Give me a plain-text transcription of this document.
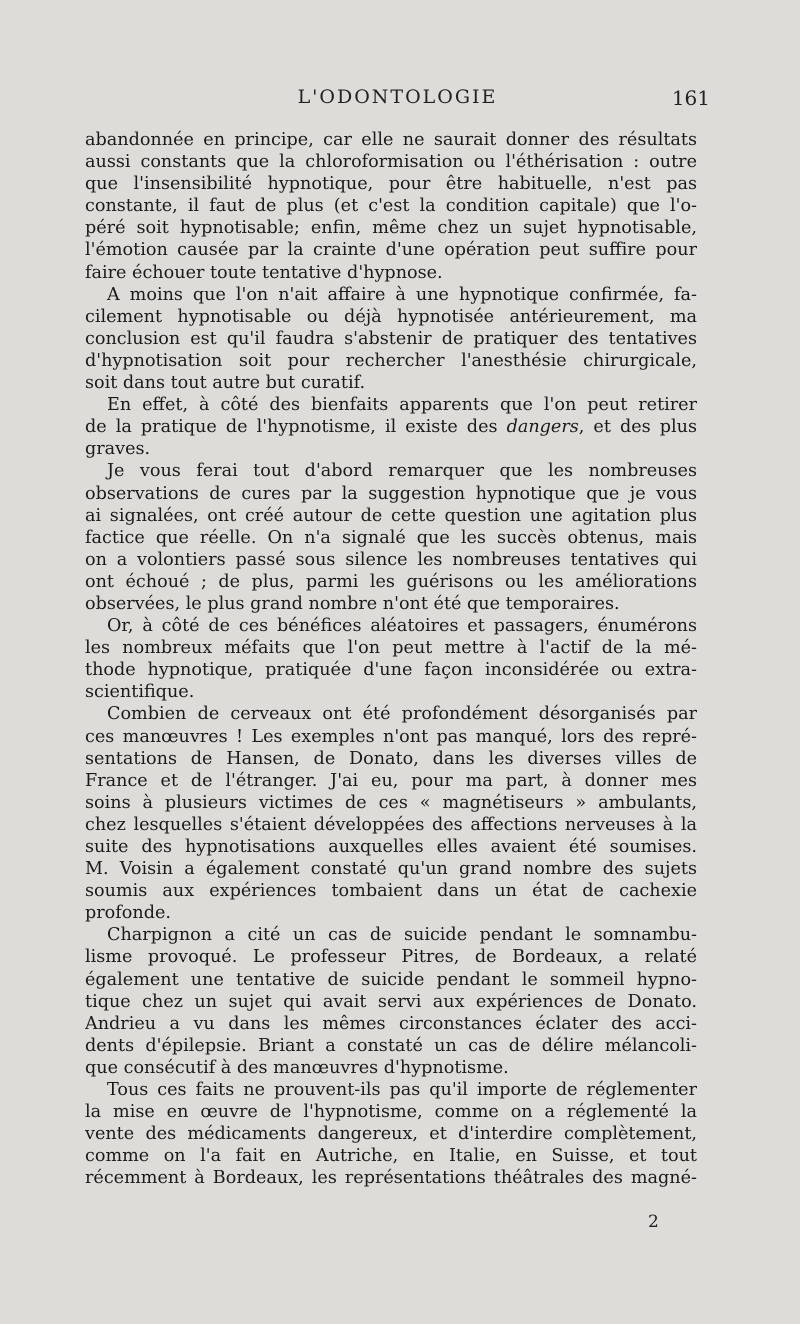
L'ODONTOLOGIE	161
abandonnée en principe, car elle ne saurait donner des résultats
aussi constants que la chloroformisation ou l'éthérisation : outre
que l'insensibilité hypnotique, pour être habituelle, n'est pas
constante, il faut de plus (et c'est la condition capitale) que l'o-
péré soit hypnotisable; enfin, même chez un sujet hypnotisable,
l'émotion causée par la crainte d'une opération peut suffire pour
faire échouer toute tentative d'hypnose.
A moins que l'on n'ait affaire à une hypnotique confirmée, fa-
cilement hypnotisable ou déjà hypnotisée antérieurement, ma
conclusion est qu'il faudra s'abstenir de pratiquer des tentatives
d'hypnotisation soit pour rechercher l'anesthésie chirurgicale,
soit dans tout autre but curatif.
En effet, à côté des bienfaits apparents que l'on peut retirer
de la pratique de l'hypnotisme, il existe des dangers, et des plus
graves.
Je vous ferai tout d'abord remarquer que les nombreuses
observations de cures par la suggestion hypnotique que je vous
ai signalées, ont créé autour de cette question une agitation plus
factice que réelle. On n'a signalé que les succès obtenus, mais
on a volontiers passé sous silence les nombreuses tentatives qui
ont échoué ; de plus, parmi les guérisons ou les améliorations
observées, le plus grand nombre n'ont été que temporaires.
Or, à côté de ces bénéfices aléatoires et passagers, énumérons
les nombreux méfaits que l'on peut mettre à l'actif de la mé-
thode hypnotique, pratiquée d'une façon inconsidérée ou extra-
scientifique.
Combien de cerveaux ont été profondément désorganisés par
ces manœuvres ! Les exemples n'ont pas manqué, lors des repré-
sentations de Hansen, de Donato, dans les diverses villes de
France et de l'étranger. J'ai eu, pour ma part, à donner mes
soins à plusieurs victimes de ces « magnétiseurs » ambulants,
chez lesquelles s'étaient développées des affections nerveuses à la
suite des hypnotisations auxquelles elles avaient été soumises.
M. Voisin a également constaté qu'un grand nombre des sujets
soumis aux expériences tombaient dans un état de cachexie
profonde.
Charpignon a cité un cas de suicide pendant le somnambu-
lisme provoqué. Le professeur Pitres, de Bordeaux, a relaté
également une tentative de suicide pendant le sommeil hypno-
tique chez un sujet qui avait servi aux expériences de Donato.
Andrieu a vu dans les mêmes circonstances éclater des acci-
dents d'épilepsie. Briant a constaté un cas de délire mélancoli-
que consécutif à des manœuvres d'hypnotisme.
Tous ces faits ne prouvent-ils pas qu'il importe de réglementer
la mise en œuvre de l'hypnotisme, comme on a réglementé la
vente des médicaments dangereux, et d'interdire complètement,
comme on l'a fait en Autriche, en Italie, en Suisse, et tout
récemment à Bordeaux, les représentations théâtrales des magné-
2
